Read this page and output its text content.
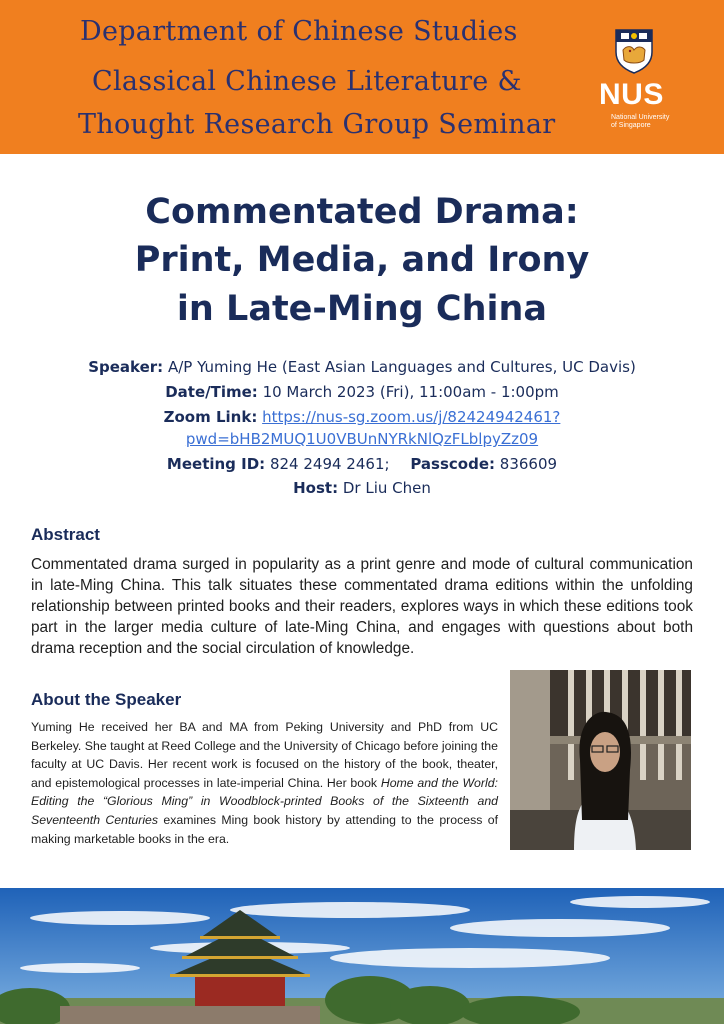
Department of Chinese Studies
Classical Chinese Literature &
Thought Research Group Seminar
NUS
National University
of Singapore
Commentated Drama:
Print, Media, and Irony
in Late-Ming China
Speaker: A/P Yuming He (East Asian Languages and Cultures, UC Davis)
Date/Time: 10 March 2023 (Fri), 11:00am - 1:00pm
Zoom Link: https://nus-sg.zoom.us/j/82424942461?
pwd=bHB2MUQ1U0VBUnNYRkNlQzFLblpyZz09
Meeting ID: 824 2494 2461; Passcode: 836609
Host: Dr Liu Chen
Abstract
Commentated drama surged in popularity as a print genre and mode of cultural communication in late-Ming China. This talk situates these commentated drama editions within the unfolding relationship between printed books and their readers, explores ways in which these editions took part in the larger media culture of late-Ming China, and engages with questions about both drama reception and the social circulation of knowledge.
About the Speaker
Yuming He received her BA and MA from Peking University and PhD from UC Berkeley. She taught at Reed College and the University of Chicago before joining the faculty at UC Davis. Her recent work is focused on the history of the book, theater, and epistemological processes in late-imperial China. Her book Home and the World: Editing the “Glorious Ming” in Woodblock-printed Books of the Sixteenth and Seventeenth Centuries examines Ming book history by attending to the process of making marketable books in the era.
